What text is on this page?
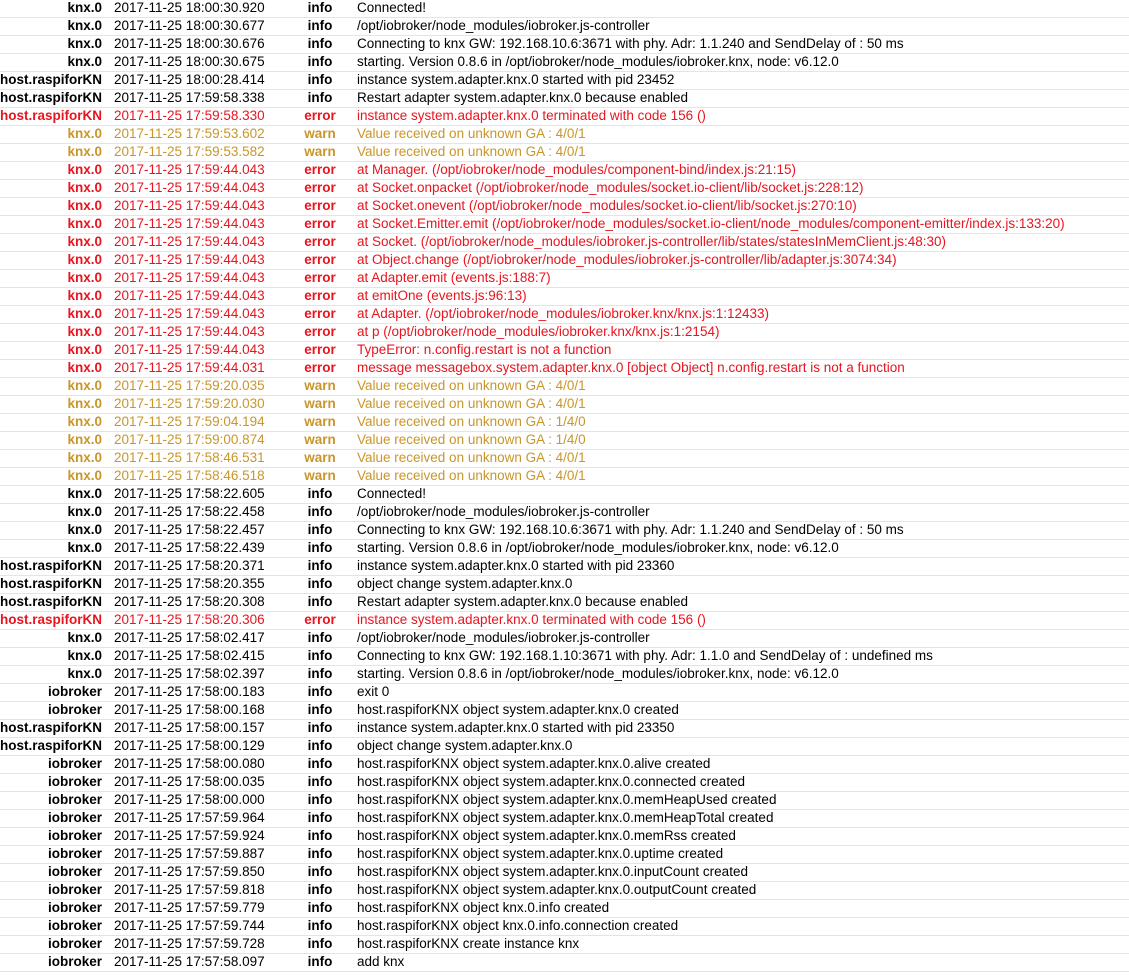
knx.0 2017-11-25 18:00:30.920	info	Connected!
knx.0 2017-11-25 18:00:30.677	info	/opt/iobroker/node_modules/iobroker.js-controller
knx.0 2017-11-25 18:00:30.676	info	Connecting to knx GW: 192.168.10.6:3671 with phy. Adr: 1.1.240 and SendDelay of : 50 ms
knx.0 2017-11-25 18:00:30.675	info	starting. Version 0.8.6 in /opt/iobroker/node_modules/iobroker.knx, node: v6.12.0
host.raspiforKN 2017-11-25 18:00:28.414	info	instance system.adapter.knx.0 started with pid 23452
host.raspiforKN 2017-11-25 17:59:58.338	info	Restart adapter system.adapter.knx.0 because enabled
host.raspiforKN 2017-11-25 17:59:58.330	error	instance system.adapter.knx.0 terminated with code 156 ()
knx.0 2017-11-25 17:59:53.602	warn	Value received on unknown GA : 4/0/1
knx.0 2017-11-25 17:59:53.582	warn	Value received on unknown GA : 4/0/1
knx.0 2017-11-25 17:59:44.043	error	at Manager. (/opt/iobroker/node_modules/component-bind/index.js:21:15)
knx.0 2017-11-25 17:59:44.043	error	at Socket.onpacket (/opt/iobroker/node_modules/socket.io-client/lib/socket.js:228:12)
knx.0 2017-11-25 17:59:44.043	error	at Socket.onevent (/opt/iobroker/node_modules/socket.io-client/lib/socket.js:270:10)
knx.0 2017-11-25 17:59:44.043	error	at Socket.Emitter.emit (/opt/iobroker/node_modules/socket.io-client/node_modules/component-emitter/index.js:133:20)
knx.0 2017-11-25 17:59:44.043	error	at Socket. (/opt/iobroker/node_modules/iobroker.js-controller/lib/states/statesInMemClient.js:48:30)
knx.0 2017-11-25 17:59:44.043	error	at Object.change (/opt/iobroker/node_modules/iobroker.js-controller/lib/adapter.js:3074:34)
knx.0 2017-11-25 17:59:44.043	error	at Adapter.emit (events.js:188:7)
knx.0 2017-11-25 17:59:44.043	error	at emitOne (events.js:96:13)
knx.0 2017-11-25 17:59:44.043	error	at Adapter. (/opt/iobroker/node_modules/iobroker.knx/knx.js:1:12433)
knx.0 2017-11-25 17:59:44.043	error	at p (/opt/iobroker/node_modules/iobroker.knx/knx.js:1:2154)
knx.0 2017-11-25 17:59:44.043	error	TypeError: n.config.restart is not a function
knx.0 2017-11-25 17:59:44.031	error	message messagebox.system.adapter.knx.0 [object Object] n.config.restart is not a function
knx.0 2017-11-25 17:59:20.035	warn	Value received on unknown GA : 4/0/1
knx.0 2017-11-25 17:59:20.030	warn	Value received on unknown GA : 4/0/1
knx.0 2017-11-25 17:59:04.194	warn	Value received on unknown GA : 1/4/0
knx.0 2017-11-25 17:59:00.874	warn	Value received on unknown GA : 1/4/0
knx.0 2017-11-25 17:58:46.531	warn	Value received on unknown GA : 4/0/1
knx.0 2017-11-25 17:58:46.518	warn	Value received on unknown GA : 4/0/1
knx.0 2017-11-25 17:58:22.605	info	Connected!
knx.0 2017-11-25 17:58:22.458	info	/opt/iobroker/node_modules/iobroker.js-controller
knx.0 2017-11-25 17:58:22.457	info	Connecting to knx GW: 192.168.10.6:3671 with phy. Adr: 1.1.240 and SendDelay of : 50 ms
knx.0 2017-11-25 17:58:22.439	info	starting. Version 0.8.6 in /opt/iobroker/node_modules/iobroker.knx, node: v6.12.0
host.raspiforKN 2017-11-25 17:58:20.371	info	instance system.adapter.knx.0 started with pid 23360
host.raspiforKN 2017-11-25 17:58:20.355	info	object change system.adapter.knx.0
host.raspiforKN 2017-11-25 17:58:20.308	info	Restart adapter system.adapter.knx.0 because enabled
host.raspiforKN 2017-11-25 17:58:20.306	error	instance system.adapter.knx.0 terminated with code 156 ()
knx.0 2017-11-25 17:58:02.417	info	/opt/iobroker/node_modules/iobroker.js-controller
knx.0 2017-11-25 17:58:02.415	info	Connecting to knx GW: 192.168.1.10:3671 with phy. Adr: 1.1.0 and SendDelay of : undefined ms
knx.0 2017-11-25 17:58:02.397	info	starting. Version 0.8.6 in /opt/iobroker/node_modules/iobroker.knx, node: v6.12.0
iobroker 2017-11-25 17:58:00.183	info	exit 0
iobroker 2017-11-25 17:58:00.168	info	host.raspiforKNX object system.adapter.knx.0 created
host.raspiforKN 2017-11-25 17:58:00.157	info	instance system.adapter.knx.0 started with pid 23350
host.raspiforKN 2017-11-25 17:58:00.129	info	object change system.adapter.knx.0
iobroker 2017-11-25 17:58:00.080	info	host.raspiforKNX object system.adapter.knx.0.alive created
iobroker 2017-11-25 17:58:00.035	info	host.raspiforKNX object system.adapter.knx.0.connected created
iobroker 2017-11-25 17:58:00.000	info	host.raspiforKNX object system.adapter.knx.0.memHeapUsed created
iobroker 2017-11-25 17:57:59.964	info	host.raspiforKNX object system.adapter.knx.0.memHeapTotal created
iobroker 2017-11-25 17:57:59.924	info	host.raspiforKNX object system.adapter.knx.0.memRss created
iobroker 2017-11-25 17:57:59.887	info	host.raspiforKNX object system.adapter.knx.0.uptime created
iobroker 2017-11-25 17:57:59.850	info	host.raspiforKNX object system.adapter.knx.0.inputCount created
iobroker 2017-11-25 17:57:59.818	info	host.raspiforKNX object system.adapter.knx.0.outputCount created
iobroker 2017-11-25 17:57:59.779	info	host.raspiforKNX object knx.0.info created
iobroker 2017-11-25 17:57:59.744	info	host.raspiforKNX object knx.0.info.connection created
iobroker 2017-11-25 17:57:59.728	info	host.raspiforKNX create instance knx
iobroker 2017-11-25 17:57:58.097	info	add knx
